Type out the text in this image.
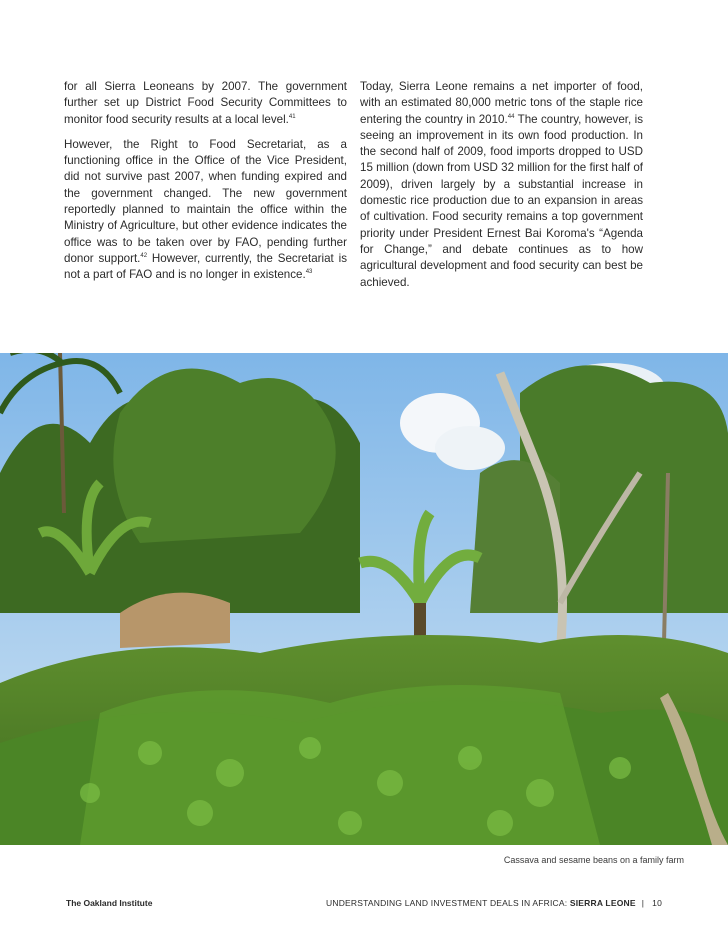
for all Sierra Leoneans by 2007. The government further set up District Food Security Committees to monitor food security results at a local level.$^{41}$

However, the Right to Food Secretariat, as a functioning office in the Office of the Vice President, did not survive past 2007, when funding expired and the government changed. The new government reportedly planned to maintain the office within the Ministry of Agriculture, but other evidence indicates the office was to be taken over by FAO, pending further donor support.$^{42}$ However, currently, the Secretariat is not a part of FAO and is no longer in existence.$^{43}$

Today, Sierra Leone remains a net importer of food, with an estimated 80,000 metric tons of the staple rice entering the country in 2010.44 The country, however, is seeing an improvement in its own food production. In the second half of 2009, food imports dropped to USD 15 million (down from USD 32 million for the first half of 2009), driven largely by a substantial increase in domestic rice production due to an expansion in areas of cultivation. Food security remains a top government priority under President Ernest Bai Koroma's “Agenda for Change,” and debate continues as to how agricultural development and food security can best be achieved.

Cassava and sesame beans on a family farm
The Oakland Institute	UNDERSTANDING LAND INVESTMENT DEALS IN AFRICA: SIERRA LEONE | 10
